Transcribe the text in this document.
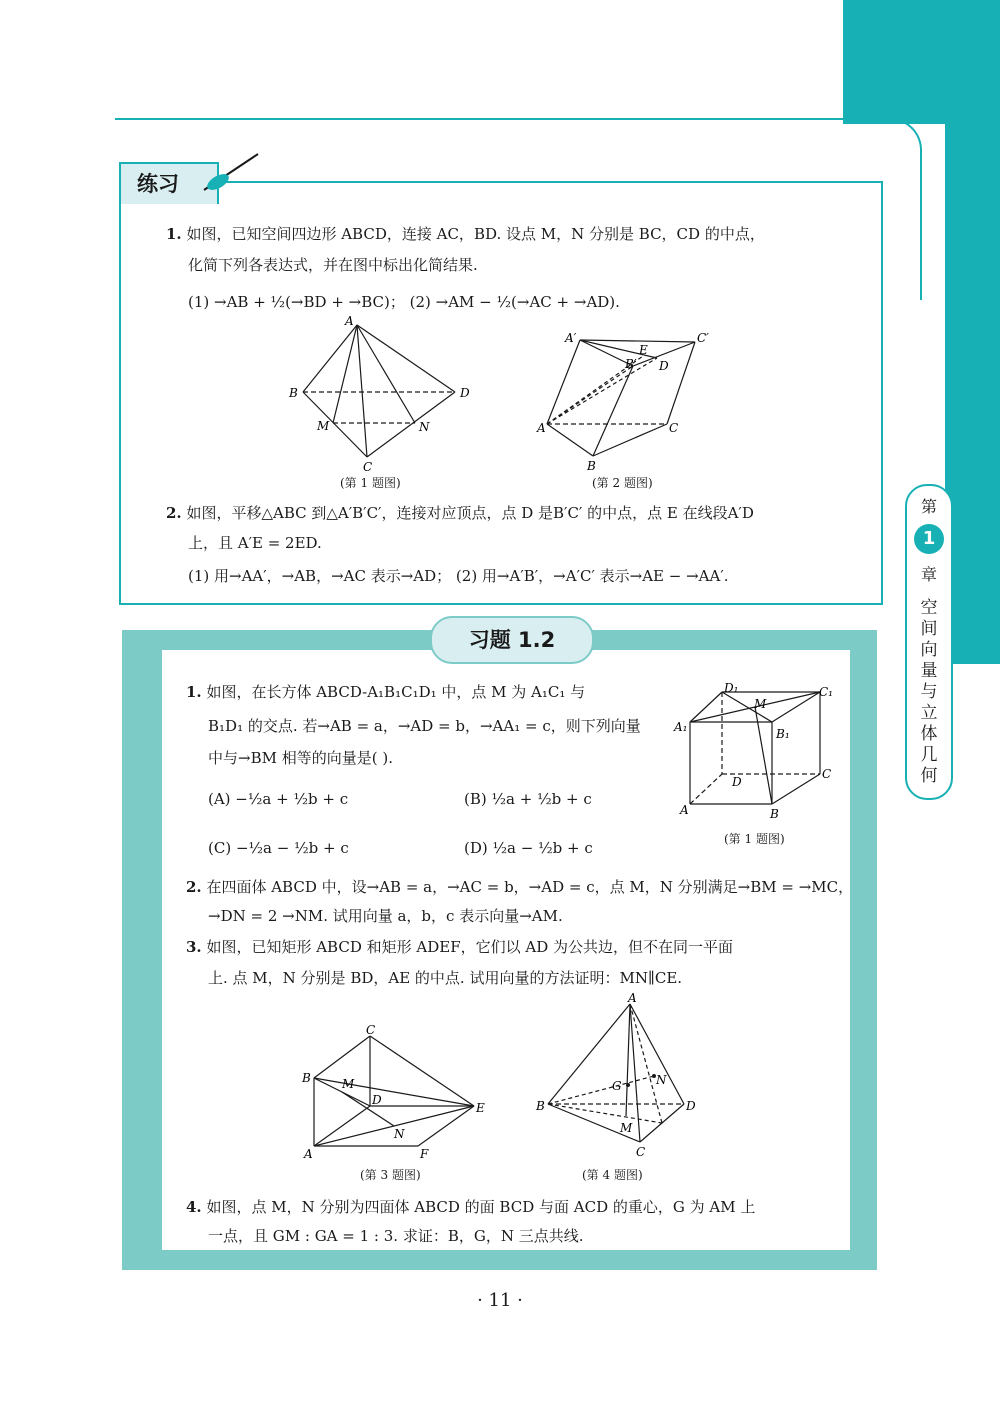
第
1
章
空间向量与立体几何
练习
1. 如图，已知空间四边形 ABCD，连接 AC，BD. 设点 M，N 分别是 BC，CD 的中点，
化简下列各表达式，并在图中标出化简结果.
(1) →AB + ½(→BD + →BC)； (2) →AM − ½(→AC + →AD).
A
B	D
M	N
C
(第 1 题图)
A′	C′
E
B′ D
A	C
B
(第 2 题图)
2. 如图，平移△ABC 到△A′B′C′，连接对应顶点，点 D 是B′C′ 的中点，点 E 在线段A′D
上，且 A′E = 2ED.
(1) 用→AA′，→AB，→AC 表示→AD； (2) 用→A′B′，→A′C′ 表示→AE − →AA′.
习题 1.2
1. 如图，在长方体 ABCD-A₁B₁C₁D₁ 中，点 M 为 A₁C₁ 与
B₁D₁ 的交点. 若→AB = a，→AD = b，→AA₁ = c，则下列向量
中与→BM 相等的向量是( ).
(A) −½a + ½b + c	(B) ½a + ½b + c
(C) −½a − ½b + c	(D) ½a − ½b + c
D₁
M
C₁
A₁	B₁
D
C
A	B
(第 1 题图)
2. 在四面体 ABCD 中，设→AB = a，→AC = b，→AD = c，点 M，N 分别满足→BM = →MC，
→DN = 2 →NM. 试用向量 a，b，c 表示向量→AM.
3. 如图，已知矩形 ABCD 和矩形 ADEF，它们以 AD 为公共边，但不在同一平面
上. 点 M，N 分别是 BD，AE 的中点. 试用向量的方法证明：MN∥CE.
C
B	M
D
E
N
A	F
(第 3 题图)
A
G	N
B	D
M
C
(第 4 题图)
4. 如图，点 M，N 分别为四面体 ABCD 的面 BCD 与面 ACD 的重心，G 为 AM 上
一点，且 GM : GA = 1 : 3. 求证：B，G，N 三点共线.
· 11 ·
